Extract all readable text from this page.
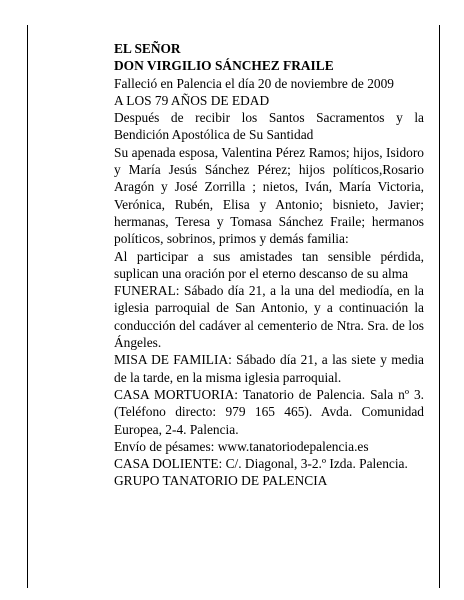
EL SEÑOR
DON VIRGILIO SÁNCHEZ FRAILE
Falleció en Palencia el día 20 de noviembre de 2009
A LOS 79 AÑOS DE EDAD
Después de recibir los Santos Sacramentos y la Bendición Apostólica de Su Santidad
Su apenada esposa, Valentina Pérez Ramos; hijos, Isidoro y María Jesús Sánchez Pérez; hijos políticos,Rosario Aragón y José Zorrilla ; nietos, Iván, María Victoria, Verónica, Rubén, Elisa y Antonio; bisnieto, Javier; hermanas, Teresa y Tomasa Sánchez Fraile; hermanos políticos, sobrinos, primos y demás familia:
Al participar a sus amistades tan sensible pérdida, suplican una oración por el eterno descanso de su alma
FUNERAL: Sábado día 21, a la una del mediodía, en la iglesia parroquial de San Antonio, y a continuación la conducción del cadáver al cementerio de Ntra. Sra. de los Ángeles.
MISA DE FAMILIA: Sábado día 21, a las siete y media de la tarde, en la misma iglesia parroquial.
CASA MORTUORIA: Tanatorio de Palencia. Sala nº 3. (Teléfono directo: 979 165 465). Avda. Comunidad Europea, 2-4. Palencia.
Envío de pésames: www.tanatoriodepalencia.es
CASA DOLIENTE: C/. Diagonal, 3-2.º Izda. Palencia.
GRUPO TANATORIO DE PALENCIA
